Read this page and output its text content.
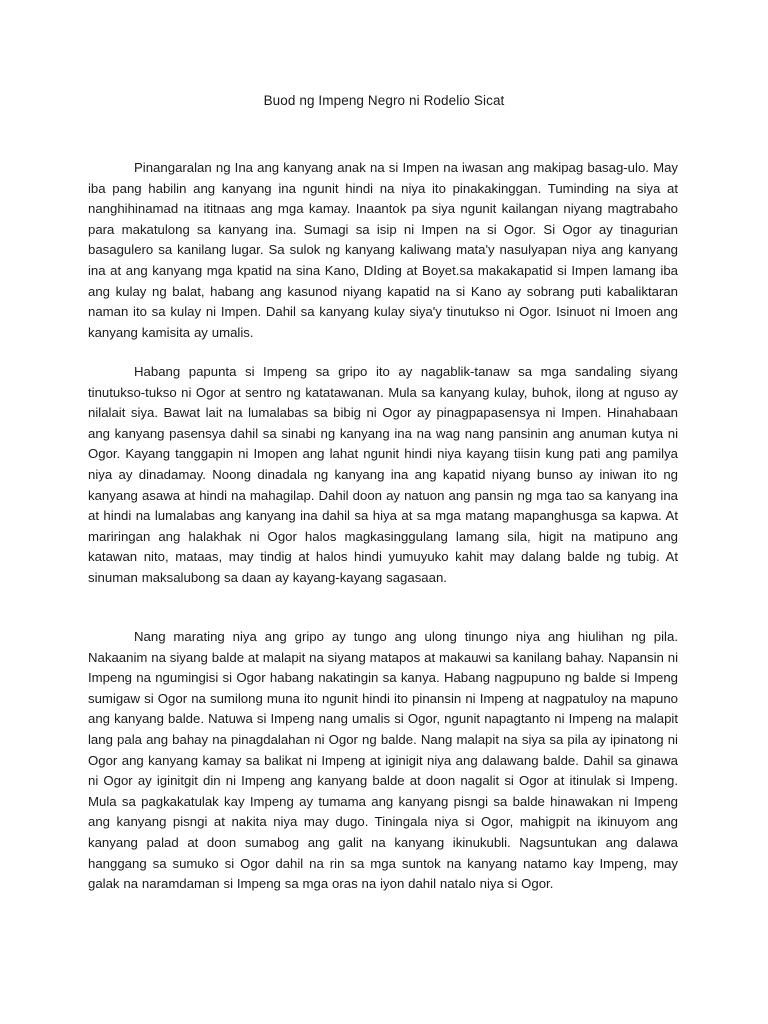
Buod ng Impeng Negro ni Rodelio Sicat

Pinangaralan ng Ina ang kanyang anak na si Impen na iwasan ang makipag basag-ulo. May iba pang habilin ang kanyang ina ngunit hindi na niya ito pinakakinggan. Tuminding na siya at nanghihinamad na ititnaas ang mga kamay. Inaantok pa siya ngunit kailangan niyang magtrabaho para makatulong sa kanyang ina. Sumagi sa isip ni Impen na si Ogor. Si Ogor ay tinagurian basagulero sa kanilang lugar. Sa sulok ng kanyang kaliwang mata'y nasulyapan niya ang kanyang ina at ang kanyang mga kpatid na sina Kano, DIding at Boyet.sa makakapatid si Impen lamang iba ang kulay ng balat, habang ang kasunod niyang kapatid na si Kano ay sobrang puti kabaliktaran naman ito sa kulay ni Impen. Dahil sa kanyang kulay siya'y tinutukso ni Ogor. Isinuot ni Imoen ang kanyang kamisita ay umalis.

Habang papunta si Impeng sa gripo ito ay nagablik-tanaw sa mga sandaling siyang tinutukso-tukso ni Ogor at sentro ng katatawanan. Mula sa kanyang kulay, buhok, ilong at nguso ay nilalait siya. Bawat lait na lumalabas sa bibig ni Ogor ay pinagpapasensya ni Impen. Hinahabaan ang kanyang pasensya dahil sa sinabi ng kanyang ina na wag nang pansinin ang anuman kutya ni Ogor. Kayang tanggapin ni Imopen ang lahat ngunit hindi niya kayang tiisin kung pati ang pamilya niya ay dinadamay. Noong dinadala ng kanyang ina ang kapatid niyang bunso ay iniwan ito ng kanyang asawa at hindi na mahagilap. Dahil doon ay natuon ang pansin ng mga tao sa kanyang ina at hindi na lumalabas ang kanyang ina dahil sa hiya at sa mga matang mapanghusga sa kapwa. At mariringan ang halakhak ni Ogor halos magkasinggulang lamang sila, higit na matipuno ang katawan nito, mataas, may tindig at halos hindi yumuyuko kahit may dalang balde ng tubig. At sinuman maksalubong sa daan ay kayang-kayang sagasaan.

Nang marating niya ang gripo ay tungo ang ulong tinungo niya ang hiulihan ng pila. Nakaanim na siyang balde at malapit na siyang matapos at makauwi sa kanilang bahay. Napansin ni Impeng na ngumingisi si Ogor habang nakatingin sa kanya. Habang nagpupuno ng balde si Impeng sumigaw si Ogor na sumilong muna ito ngunit hindi ito pinansin ni Impeng at nagpatuloy na mapuno ang kanyang balde. Natuwa si Impeng nang umalis si Ogor, ngunit napagtanto ni Impeng na malapit lang pala ang bahay na pinagdalahan ni Ogor ng balde. Nang malapit na siya sa pila ay ipinatong ni Ogor ang kanyang kamay sa balikat ni Impeng at iginigit niya ang dalawang balde. Dahil sa ginawa ni Ogor ay iginitgit din ni Impeng ang kanyang balde at doon nagalit si Ogor at itinulak si Impeng. Mula sa pagkakatulak kay Impeng ay tumama ang kanyang pisngi sa balde hinawakan ni Impeng ang kanyang pisngi at nakita niya may dugo. Tiningala niya si Ogor, mahigpit na ikinuyom ang kanyang palad at doon sumabog ang galit na kanyang ikinukubli. Nagsuntukan ang dalawa hanggang sa sumuko si Ogor dahil na rin sa mga suntok na kanyang natamo kay Impeng, may galak na naramdaman si Impeng sa mga oras na iyon dahil natalo niya si Ogor.
